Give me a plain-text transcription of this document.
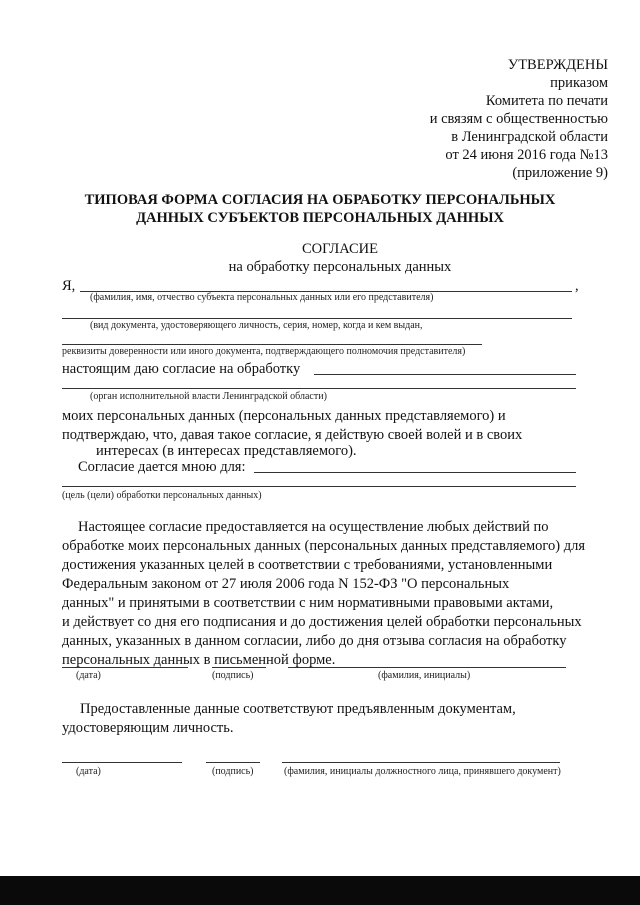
УТВЕРЖДЕНЫ
приказом
Комитета по печати
и связям с общественностью
в Ленинградской области
от 24 июня 2016 года №13
(приложение 9)
ТИПОВАЯ ФОРМА СОГЛАСИЯ НА ОБРАБОТКУ ПЕРСОНАЛЬНЫХ
ДАННЫХ СУБЪЕКТОВ ПЕРСОНАЛЬНЫХ ДАННЫХ
СОГЛАСИЕ
на обработку персональных данных
Я,	,
(фамилия, имя, отчество субъекта персональных данных или его представителя)
(вид документа, удостоверяющего личность, серия, номер, когда и кем выдан,
реквизиты доверенности или иного документа, подтверждающего полномочия представителя)
настоящим даю согласие на обработку
(орган исполнительной власти Ленинградской области)
моих персональных данных (персональных данных представляемого) и
подтверждаю, что, давая такое согласие, я действую своей волей и в своих
интересах (в интересах представляемого).
Согласие дается мною для:
(цель (цели) обработки персональных данных)
Настоящее согласие предоставляется на осуществление любых действий по
обработке моих персональных данных (персональных данных представляемого) для
достижения указанных целей в соответствии с требованиями, установленными
Федеральным законом от 27 июля 2006 года N 152-ФЗ "О персональных
данных" и принятыми в соответствии с ним нормативными правовыми актами,
и действует со дня его подписания и до достижения целей обработки персональных
данных, указанных в данном согласии, либо до дня отзыва согласия на обработку
персональных данных в письменной форме.
(дата)	(подпись)	(фамилия, инициалы)
Предоставленные данные соответствуют предъявленным документам,
удостоверяющим личность.
(дата)	(подпись)	(фамилия, инициалы должностного лица, принявшего документ)
